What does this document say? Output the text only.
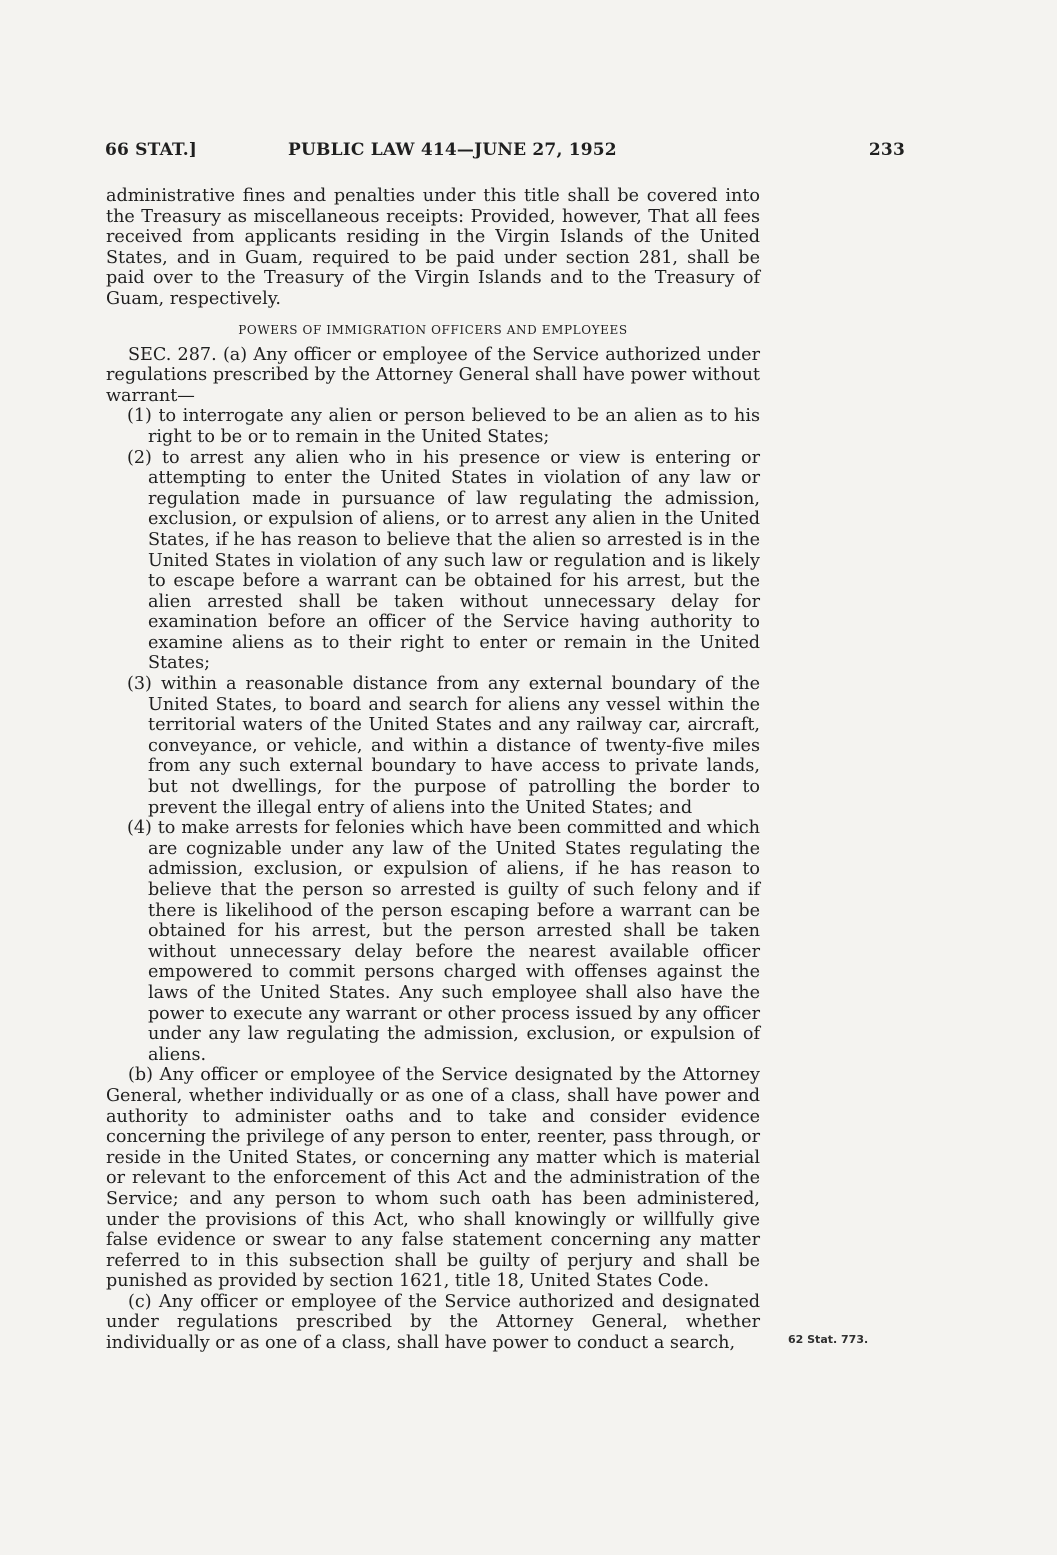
66 STAT.]	PUBLIC LAW 414—JUNE 27, 1952	233

administrative fines and penalties under this title shall be covered into the Treasury as miscellaneous receipts: Provided, however, That all fees received from applicants residing in the Virgin Islands of the United States, and in Guam, required to be paid under section 281, shall be paid over to the Treasury of the Virgin Islands and to the Treasury of Guam, respectively.

POWERS OF IMMIGRATION OFFICERS AND EMPLOYEES

SEC. 287. (a) Any officer or employee of the Service authorized under regulations prescribed by the Attorney General shall have power without warrant—

(1) to interrogate any alien or person believed to be an alien as to his right to be or to remain in the United States;

(2) to arrest any alien who in his presence or view is entering or attempting to enter the United States in violation of any law or regulation made in pursuance of law regulating the admission, exclusion, or expulsion of aliens, or to arrest any alien in the United States, if he has reason to believe that the alien so arrested is in the United States in violation of any such law or regulation and is likely to escape before a warrant can be obtained for his arrest, but the alien arrested shall be taken without unnecessary delay for examination before an officer of the Service having authority to examine aliens as to their right to enter or remain in the United States;

(3) within a reasonable distance from any external boundary of the United States, to board and search for aliens any vessel within the territorial waters of the United States and any railway car, aircraft, conveyance, or vehicle, and within a distance of twenty-five miles from any such external boundary to have access to private lands, but not dwellings, for the purpose of patrolling the border to prevent the illegal entry of aliens into the United States; and

(4) to make arrests for felonies which have been committed and which are cognizable under any law of the United States regulating the admission, exclusion, or expulsion of aliens, if he has reason to believe that the person so arrested is guilty of such felony and if there is likelihood of the person escaping before a warrant can be obtained for his arrest, but the person arrested shall be taken without unnecessary delay before the nearest available officer empowered to commit persons charged with offenses against the laws of the United States. Any such employee shall also have the power to execute any warrant or other process issued by any officer under any law regulating the admission, exclusion, or expulsion of aliens.

(b) Any officer or employee of the Service designated by the Attorney General, whether individually or as one of a class, shall have power and authority to administer oaths and to take and consider evidence concerning the privilege of any person to enter, reenter, pass through, or reside in the United States, or concerning any matter which is material or relevant to the enforcement of this Act and the administration of the Service; and any person to whom such oath has been administered, under the provisions of this Act, who shall knowingly or willfully give false evidence or swear to any false statement concerning any matter referred to in this subsection shall be guilty of perjury and shall be punished as provided by section 1621, title 18, United States Code.

(c) Any officer or employee of the Service authorized and designated under regulations prescribed by the Attorney General, whether individually or as one of a class, shall have power to conduct a search,	62 Stat. 773.
